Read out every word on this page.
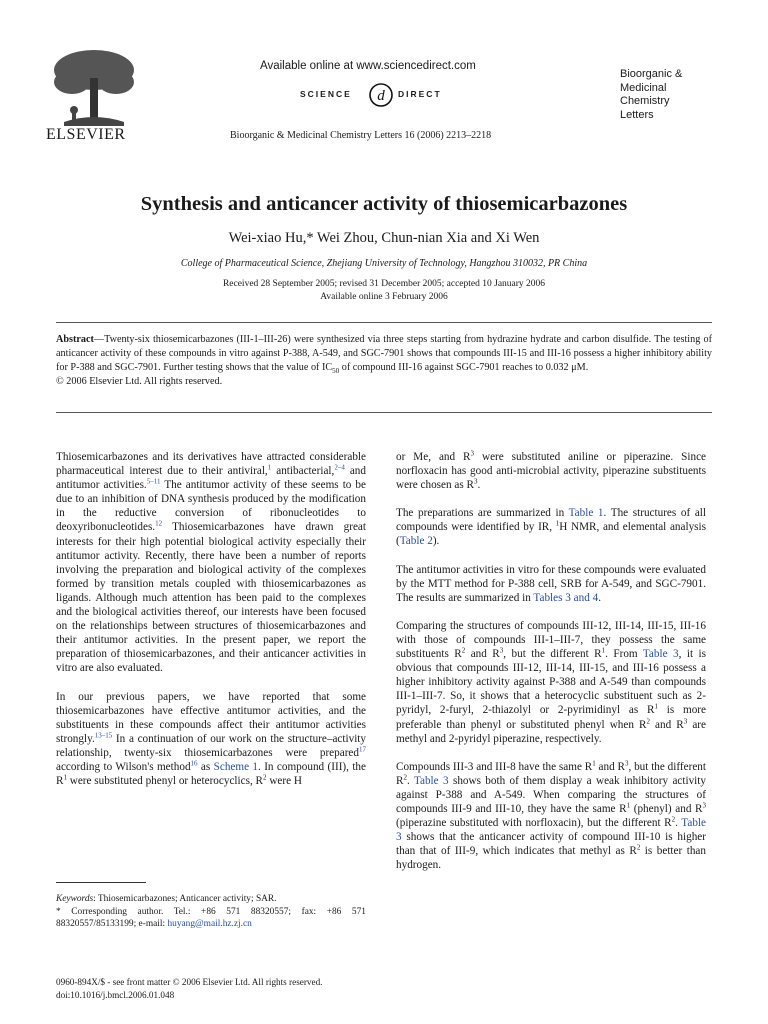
ELSEVIER
Available online at www.sciencedirect.com
SCIENCE d DIRECT
Bioorganic &
Medicinal
Chemistry
Letters
Bioorganic & Medicinal Chemistry Letters 16 (2006) 2213–2218
Synthesis and anticancer activity of thiosemicarbazones
Wei-xiao Hu,* Wei Zhou, Chun-nian Xia and Xi Wen
College of Pharmaceutical Science, Zhejiang University of Technology, Hangzhou 310032, PR China
Received 28 September 2005; revised 31 December 2005; accepted 10 January 2006
Available online 3 February 2006
Abstract—Twenty-six thiosemicarbazones (III-1–III-26) were synthesized via three steps starting from hydrazine hydrate and carbon disulfide. The testing of anticancer activity of these compounds in vitro against P-388, A-549, and SGC-7901 shows that compounds III-15 and III-16 possess a higher inhibitory ability for P-388 and SGC-7901. Further testing shows that the value of $IC_{50}$ of compound III-16 against SGC-7901 reaches to 0.032 μM.
© 2006 Elsevier Ltd. All rights reserved.

Thiosemicarbazones and its derivatives have attracted considerable pharmaceutical interest due to their antiviral,$^1$ antibacterial,$^{2-4}$ and antitumor activities.$^{5-11}$ The antitumor activity of these seems to be due to an inhibition of DNA synthesis produced by the modification in the reductive conversion of ribonucleotides to deoxyribonucleotides.$^{12}$ Thiosemicarbazones have drawn great interests for their high potential biological activity especially their antitumor activity. Recently, there have been a number of reports involving the preparation and biological activity of the complexes formed by transition metals coupled with thiosemicarbazones as ligands. Although much attention has been paid to the complexes and the biological activities thereof, our interests have been focused on the relationships between structures of thiosemicarbazones and their antitumor activities. In the present paper, we report the preparation of thiosemicarbazones, and their anticancer activities in vitro are also evaluated.

In our previous papers, we have reported that some thiosemicarbazones have effective antitumor activities, and the substituents in these compounds affect their antitumor activities strongly.$^{13-15}$ In a continuation of our work on the structure–activity relationship, twenty-six thiosemicarbazones were prepared$^{17}$ according to Wilson's method$^{16}$ as Scheme 1. In compound (III), the $R^1$ were substituted phenyl or heterocyclics, $R^2$ were H

or Me, and $R^3$ were substituted aniline or piperazine. Since norfloxacin has good anti-microbial activity, piperazine substituents were chosen as $R^3$.

The preparations are summarized in Table 1. The structures of all compounds were identified by IR, $^1$H NMR, and elemental analysis (Table 2).

The antitumor activities in vitro for these compounds were evaluated by the MTT method for P-388 cell, SRB for A-549, and SGC-7901. The results are summarized in Tables 3 and 4.

Comparing the structures of compounds III-12, III-14, III-15, III-16 with those of compounds III-1–III-7, they possess the same substituents $R^2$ and $R^3$, but the different $R^1$. From Table 3, it is obvious that compounds III-12, III-14, III-15, and III-16 possess a higher inhibitory activity against P-388 and A-549 than compounds III-1–III-7. So, it shows that a heterocyclic substituent such as 2-pyridyl, 2-furyl, 2-thiazolyl or 2-pyrimidinyl as $R^1$ is more preferable than phenyl or substituted phenyl when $R^2$ and $R^3$ are methyl and 2-pyridyl piperazine, respectively.

Compounds III-3 and III-8 have the same $R^1$ and $R^3$, but the different $R^2$. Table 3 shows both of them display a weak inhibitory activity against P-388 and A-549. When comparing the structures of compounds III-9 and III-10, they have the same $R^1$ (phenyl) and $R^3$ (piperazine substituted with norfloxacin), but the different $R^2$. Table 3 shows that the anticancer activity of compound III-10 is higher than that of III-9, which indicates that methyl as $R^2$ is better than hydrogen.

Keywords: Thiosemicarbazones; Anticancer activity; SAR.
* Corresponding author. Tel.: +86 571 88320557; fax: +86 571 88320557/85133199; e-mail: huyang@mail.hz.zj.cn
0960-894X/$ - see front matter © 2006 Elsevier Ltd. All rights reserved.
doi:10.1016/j.bmcl.2006.01.048
